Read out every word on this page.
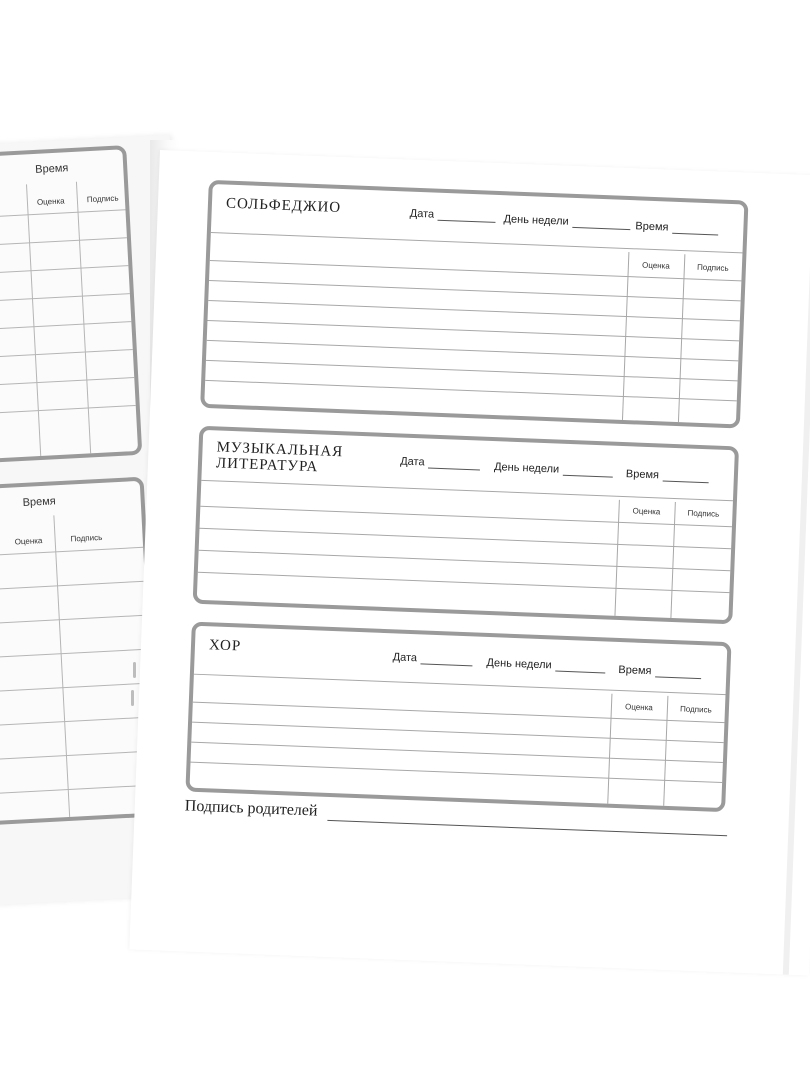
Время
Оценка	Подпись
Время
Оценка	Подпись
СОЛЬФЕДЖИО	Дата	День недели	Время
Оценка	Подпись
МУЗЫКАЛЬНАЯ
ЛИТЕРАТУРА	Дата	День недели	Время
Оценка	Подпись
ХОР
Дата	День недели	Время
Оценка	Подпись
Подпись родителей
